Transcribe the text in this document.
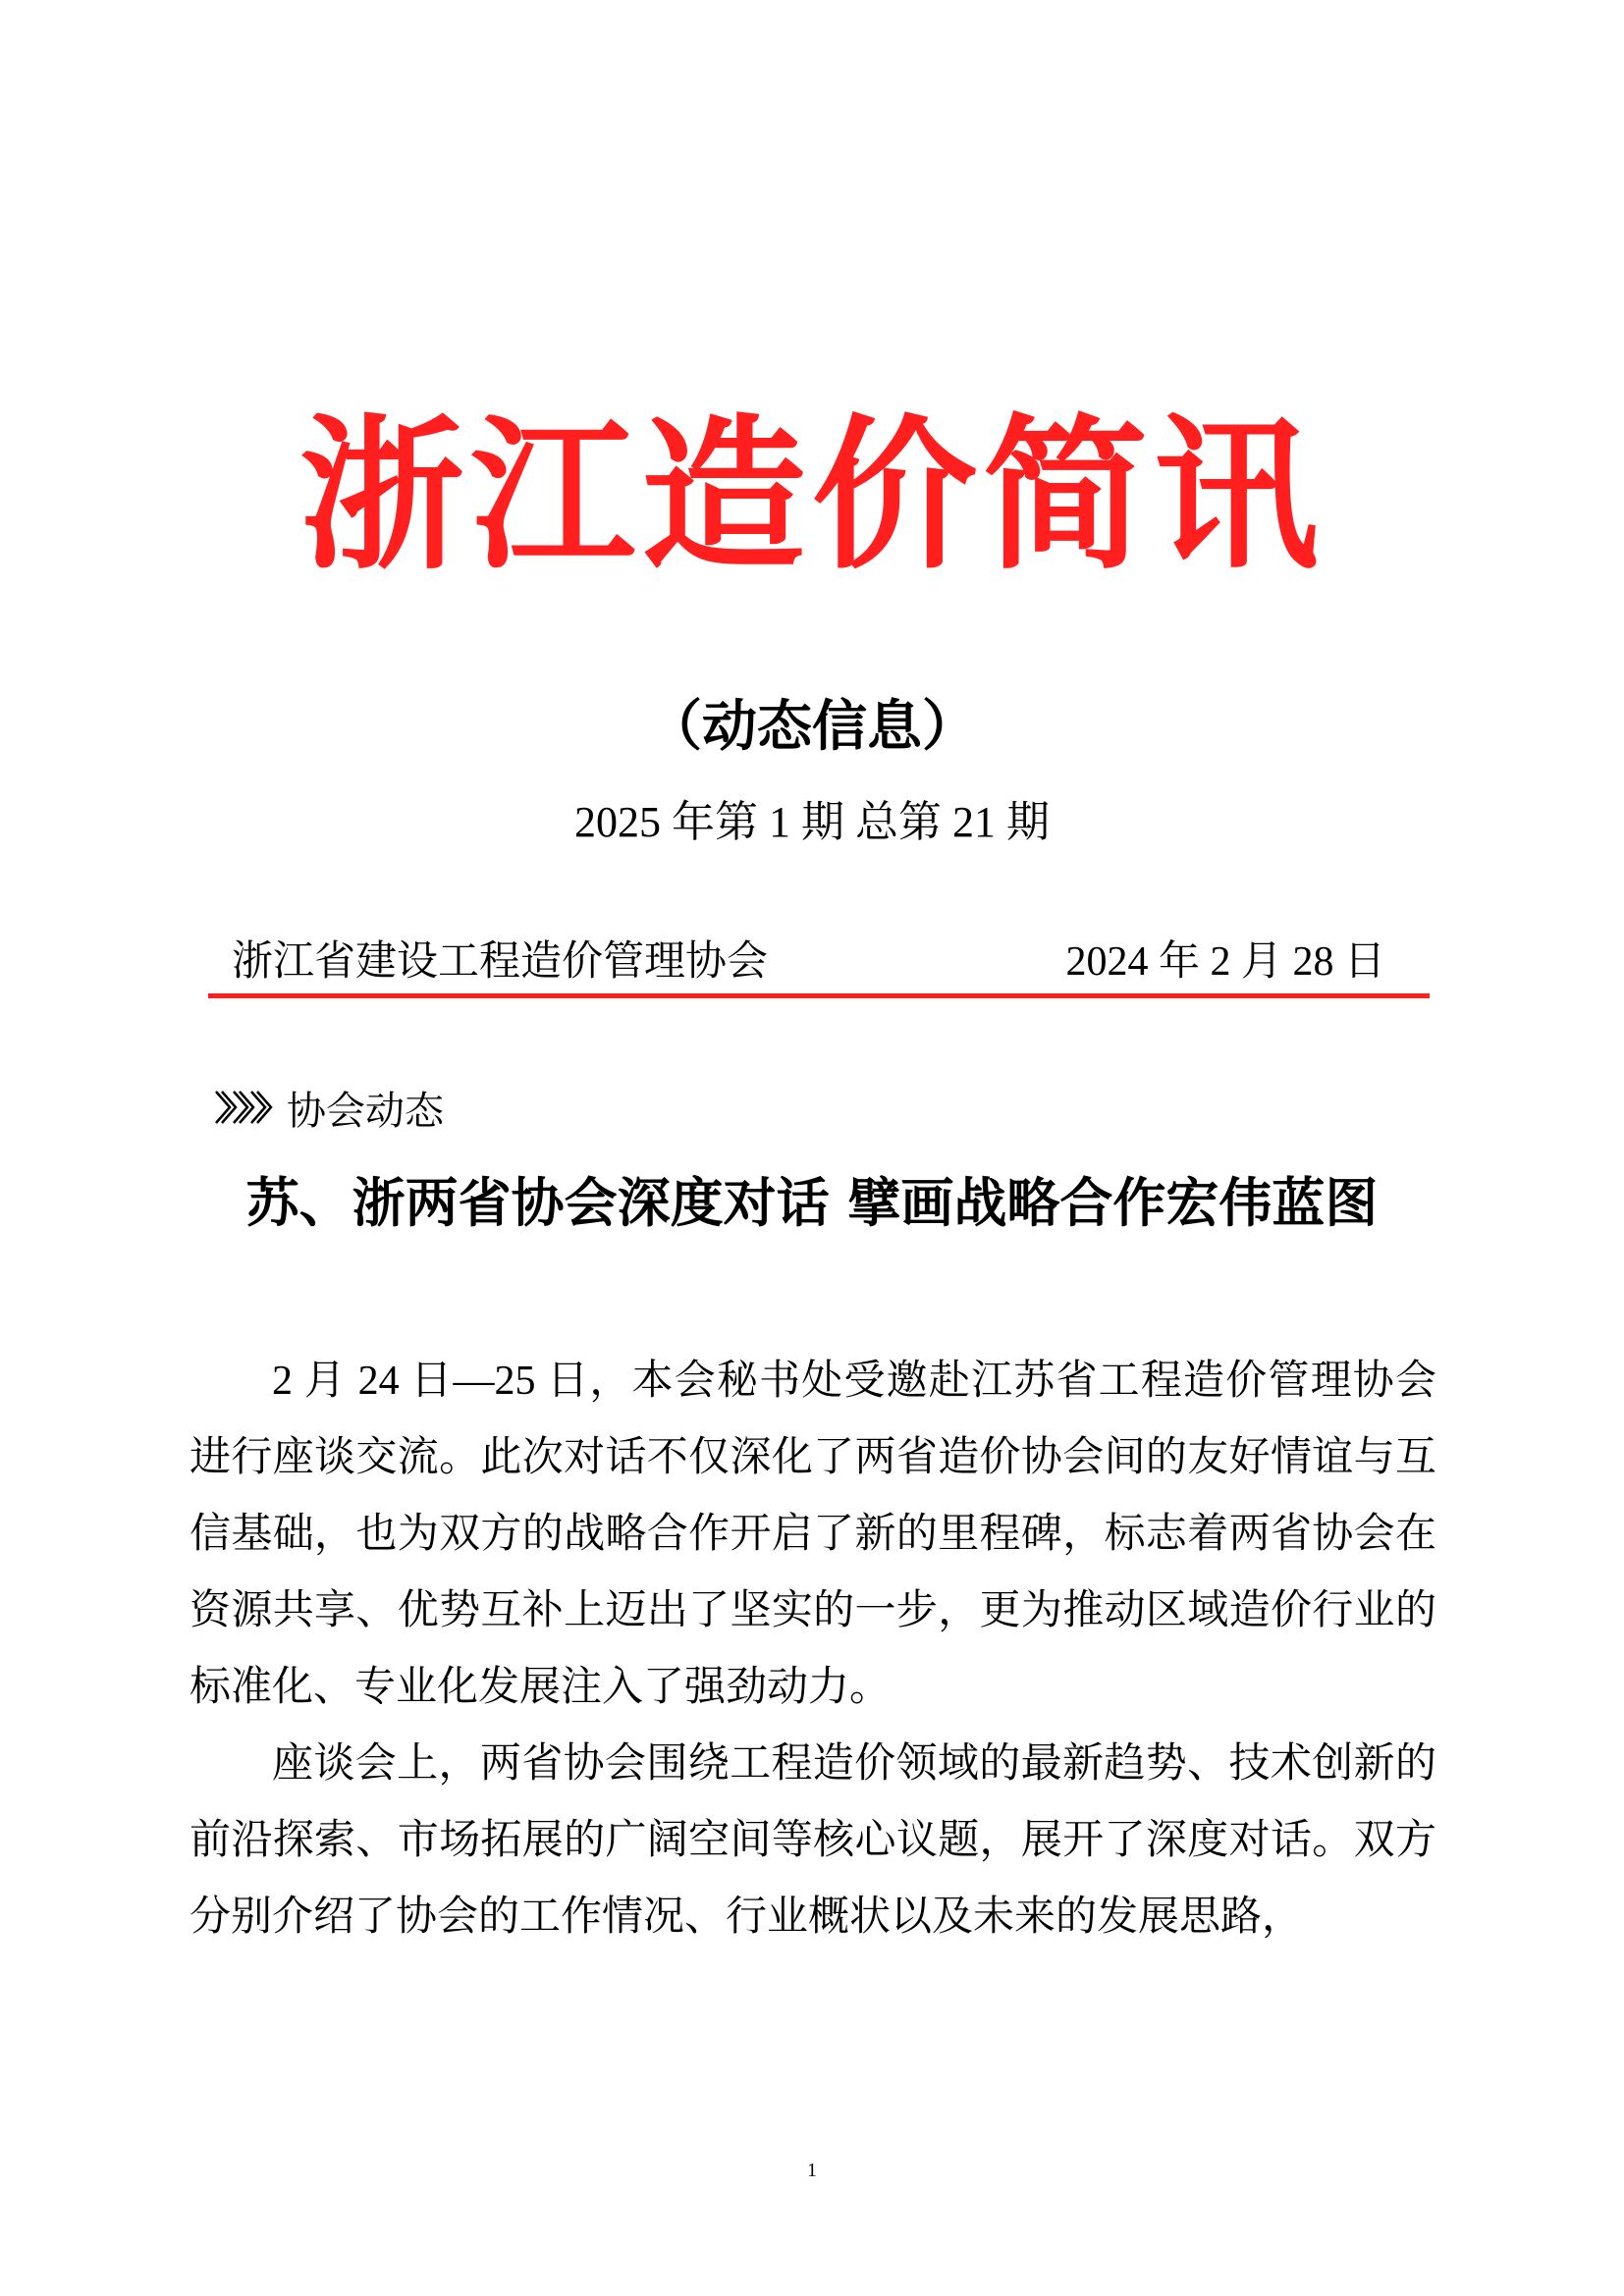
浙江造价简讯
（动态信息）
2025 年第 1 期 总第 21 期
浙江省建设工程造价管理协会	2024 年 2 月 28 日
协会动态
苏、浙两省协会深度对话 擘画战略合作宏伟蓝图

2 月 24 日—25 日，本会秘书处受邀赴江苏省工程造价管理协会进行座谈交流。此次对话不仅深化了两省造价协会间的友好情谊与互信基础，也为双方的战略合作开启了新的里程碑，标志着两省协会在资源共享、优势互补上迈出了坚实的一步，更为推动区域造价行业的标准化、专业化发展注入了强劲动力。

座谈会上，两省协会围绕工程造价领域的最新趋势、技术创新的前沿探索、市场拓展的广阔空间等核心议题，展开了深度对话。双方分别介绍了协会的工作情况、行业概状以及未来的发展思路，

1
